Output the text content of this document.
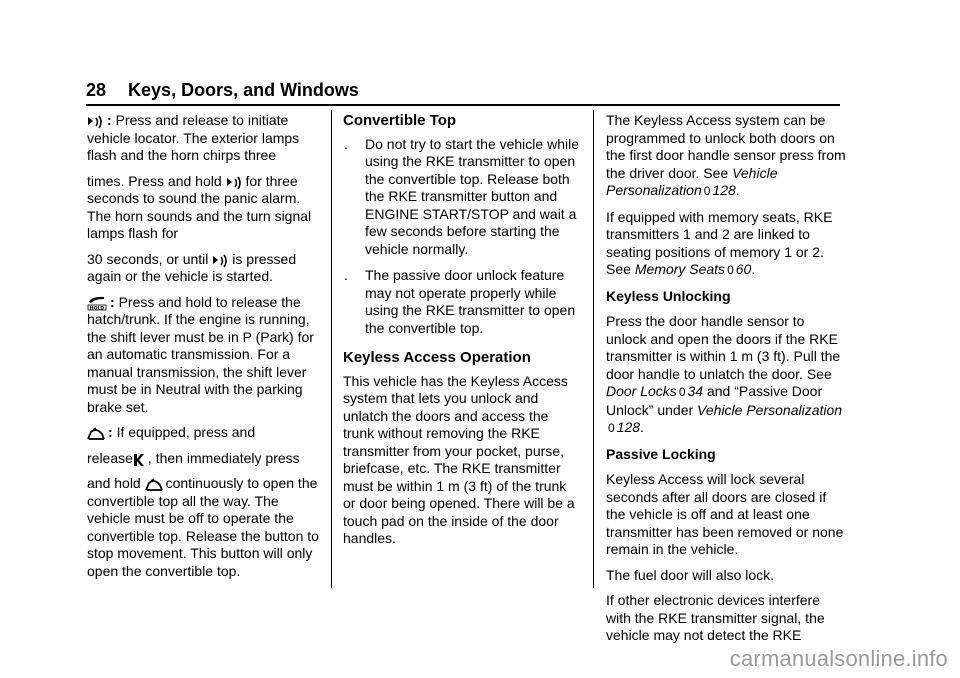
28 Keys, Doors, and Windows

: Press and release to initiate vehicle locator. The exterior lamps flash and the horn chirps three

times. Press and hold for three seconds to sound the panic alarm. The horn sounds and the turn signal lamps flash for

30 seconds, or until is pressed again or the vehicle is started.

HOLD : Press and hold to release the hatch/trunk. If the engine is running, the shift lever must be in P (Park) for an automatic transmission. For a manual transmission, the shift lever must be in Neutral with the parking brake set.

: If equipped, press and

release , then immediately press

and hold continuously to open the convertible top all the way. The vehicle must be off to operate the convertible top. Release the button to stop movement. This button will only open the convertible top.

Convertible Top
. Do not try to start the vehicle while using the RKE transmitter to open the convertible top. Release both the RKE transmitter button and ENGINE START/STOP and wait a few seconds before starting the vehicle normally.
. The passive door unlock feature may not operate properly while using the RKE transmitter to open the convertible top.
Keyless Access Operation

This vehicle has the Keyless Access system that lets you unlock and unlatch the doors and access the trunk without removing the RKE transmitter from your pocket, purse, briefcase, etc. The RKE transmitter must be within 1 m (3 ft) of the trunk or door being opened. There will be a touch pad on the inside of the door handles.

The Keyless Access system can be programmed to unlock both doors on the first door handle sensor press from the driver door. See Vehicle Personalization 0 128.

If equipped with memory seats, RKE transmitters 1 and 2 are linked to seating positions of memory 1 or 2. See Memory Seats 0 60.

Keyless Unlocking

Press the door handle sensor to unlock and open the doors if the RKE transmitter is within 1 m (3 ft). Pull the door handle to unlatch the door. See Door Locks 0 34 and “Passive Door Unlock” under Vehicle Personalization0 128.

Passive Locking

Keyless Access will lock several seconds after all doors are closed if the vehicle is off and at least one transmitter has been removed or none remain in the vehicle.

The fuel door will also lock.

If other electronic devices interfere with the RKE transmitter signal, the vehicle may not detect the RKE

carmanualsonline.info
